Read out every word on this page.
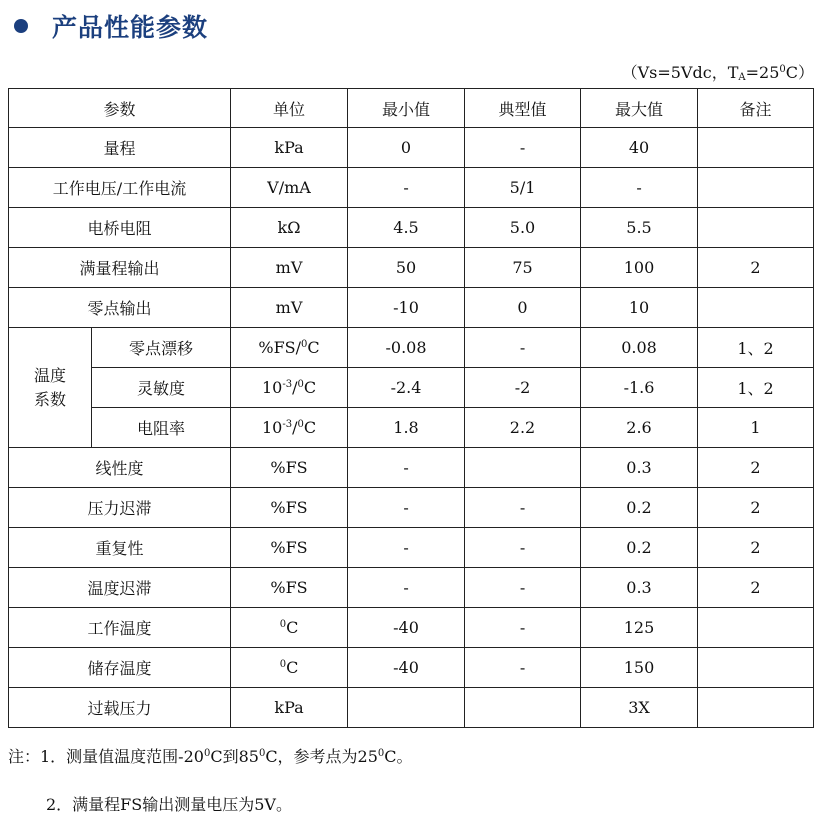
产品性能参数
（Vs=5Vdc，$T_A=25^0C$）
参数		单位	最小值	典型值	最大值	备注
量程		kPa	0	-	40	
工作电压/工作电流		V/mA	-	5/1	-	
电桥电阻		kΩ	4.5	5.0	5.5	
满量程输出		mV	50	75	100	2
零点输出		mV	-10	0	10	
温度系数	零点漂移	%FS/$^0$C	-0.08	-	0.08	1、2
	灵敏度	$10^{-3}/^0C$	-2.4	-2	-1.6	1、2
	电阻率	$10^{-3}/^0C$	1.8	2.2	2.6	1
线性度		%FS	-		0.3	2
压力迟滞		%FS	-	-	0.2	2
重复性		%FS	-	-	0.2	2
温度迟滞		%FS	-	-	0.3	2
工作温度		$^0$C	-40	-	125	
储存温度		$^0$C	-40	-	150	
过载压力		kPa			3X	
注：1．测量值温度范围$-20^0C$到$85^0C$，参考点为$25^0C$。
2．满量程FS输出测量电压为5V。
